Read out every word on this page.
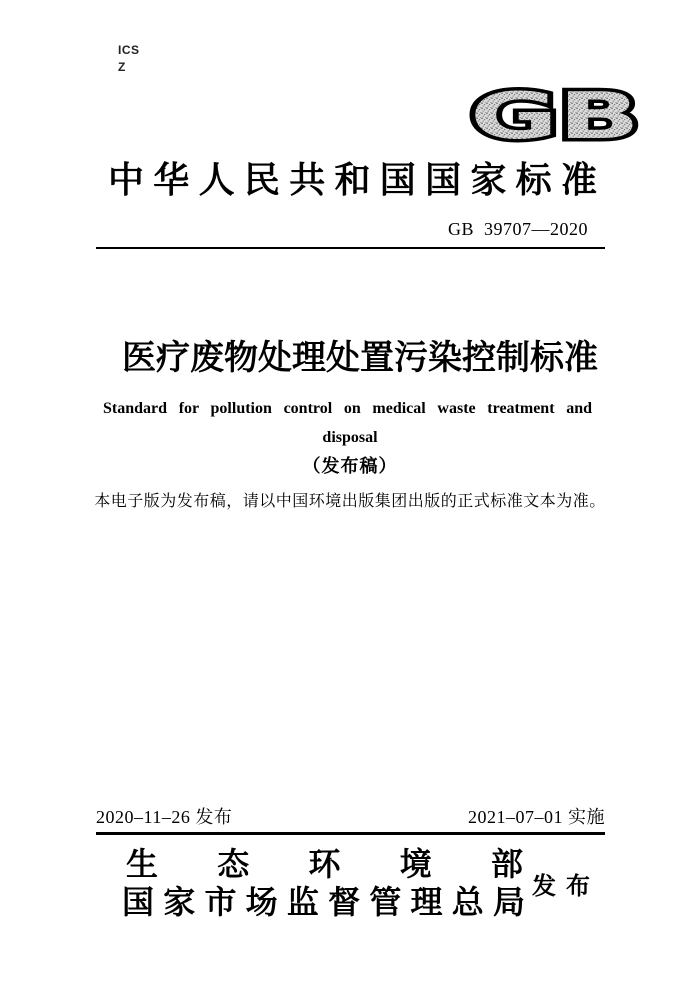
ICS
Z
GB
中华人民共和国国家标准
GB 39707—2020
医疗废物处理处置污染控制标准
Standard for pollution control on medical waste treatment and
disposal
（发布稿）
本电子版为发布稿，请以中国环境出版集团出版的正式标准文本为准。
2020–11–26 发布	2021–07–01 实施
生态环境部
国家市场监督管理总局 发布
